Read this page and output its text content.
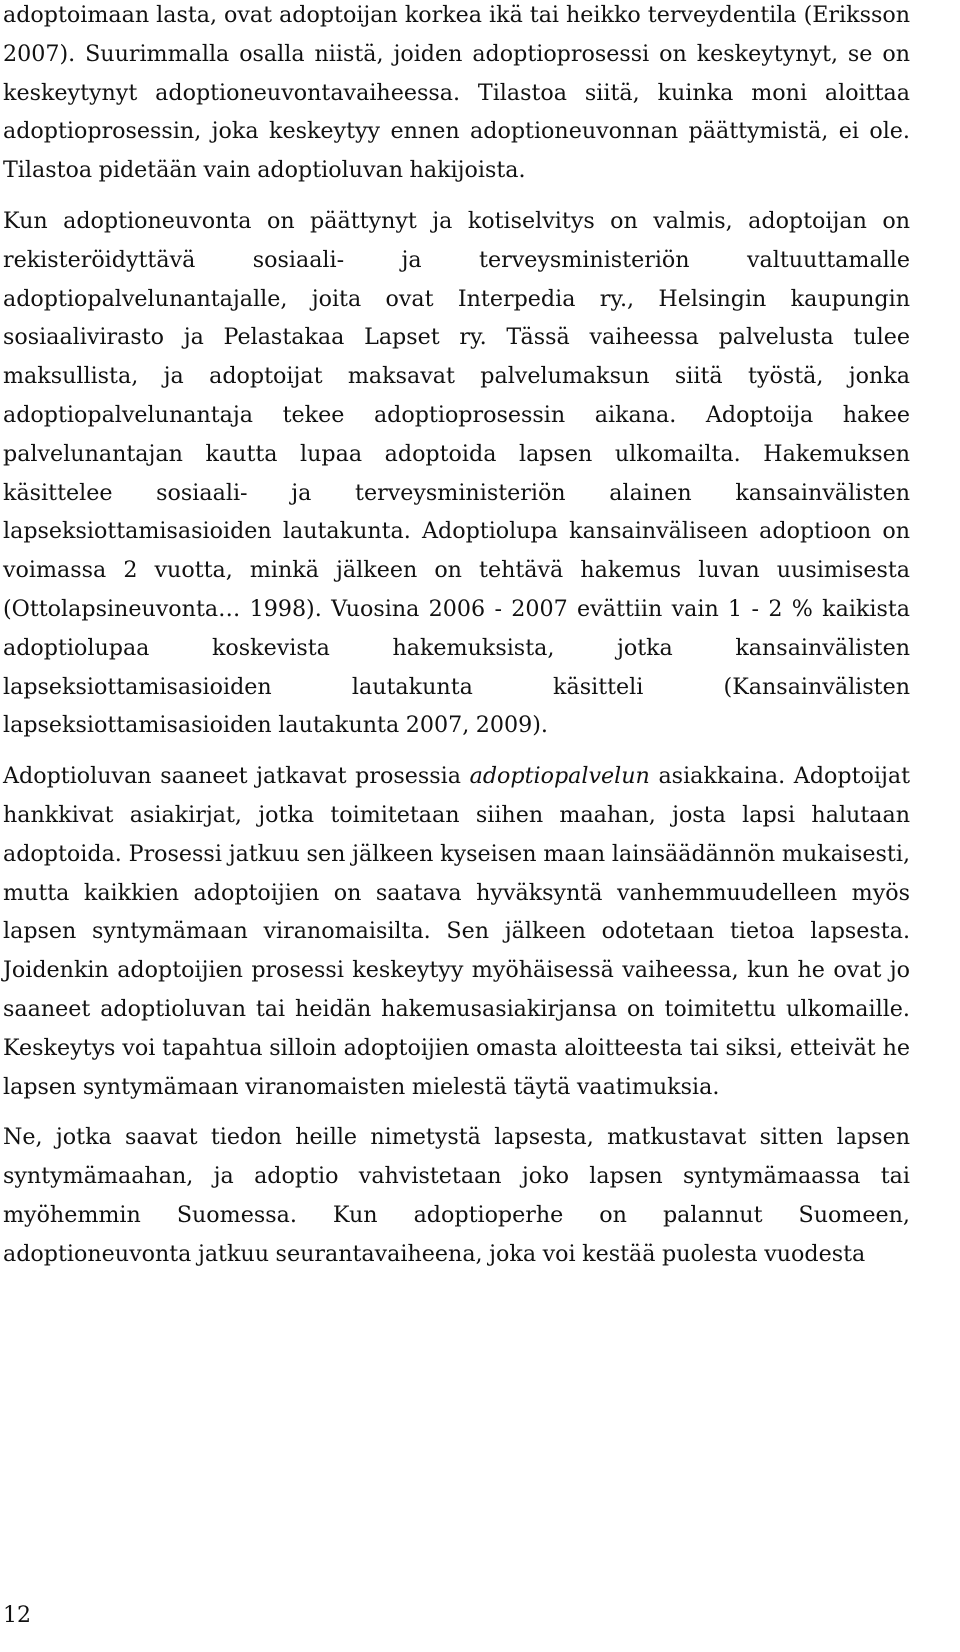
adoptoimaan lasta, ovat adoptoijan korkea ikä tai heikko terveydentila (Eriksson 2007). Suurimmalla osalla niistä, joiden adoptioprosessi on keskeytynyt, se on keskeytynyt adoptioneuvontavaiheessa. Tilastoa siitä, kuinka moni aloittaa adoptioprosessin, joka keskeytyy ennen adoptioneuvonnan päättymistä, ei ole. Tilastoa pidetään vain adoptioluvan hakijoista.

Kun adoptioneuvonta on päättynyt ja kotiselvitys on valmis, adoptoijan on rekisteröidyttävä sosiaali- ja terveysministeriön valtuuttamalle adoptiopalvelunantajalle, joita ovat Interpedia ry., Helsingin kaupungin sosiaalivirasto ja Pelastakaa Lapset ry. Tässä vaiheessa palvelusta tulee maksullista, ja adoptoijat maksavat palvelumaksun siitä työstä, jonka adoptiopalvelunantaja tekee adoptioprosessin aikana. Adoptoija hakee palvelunantajan kautta lupaa adoptoida lapsen ulkomailta. Hakemuksen käsittelee sosiaali- ja terveysministeriön alainen kansainvälisten lapseksiottamisasioiden lautakunta. Adoptiolupa kansainväliseen adoptioon on voimassa 2 vuotta, minkä jälkeen on tehtävä hakemus luvan uusimisesta (Ottolapsineuvonta… 1998). Vuosina 2006 - 2007 evättiin vain 1 - 2 % kaikista adoptiolupaa koskevista hakemuksista, jotka kansainvälisten lapseksiottamisasioiden lautakunta käsitteli (Kansainvälisten lapseksiottamisasioiden lautakunta 2007, 2009).

Adoptioluvan saaneet jatkavat prosessia adoptiopalvelun asiakkaina. Adoptoijat hankkivat asiakirjat, jotka toimitetaan siihen maahan, josta lapsi halutaan adoptoida. Prosessi jatkuu sen jälkeen kyseisen maan lainsäädännön mukaisesti, mutta kaikkien adoptoijien on saatava hyväksyntä vanhemmuudelleen myös lapsen syntymämaan viranomaisilta. Sen jälkeen odotetaan tietoa lapsesta. Joidenkin adoptoijien prosessi keskeytyy myöhäisessä vaiheessa, kun he ovat jo saaneet adoptioluvan tai heidän hakemusasiakirjansa on toimitettu ulkomaille. Keskeytys voi tapahtua silloin adoptoijien omasta aloitteesta tai siksi, etteivät he lapsen syntymämaan viranomaisten mielestä täytä vaatimuksia.

Ne, jotka saavat tiedon heille nimetystä lapsesta, matkustavat sitten lapsen syntymämaahan, ja adoptio vahvistetaan joko lapsen syntymämaassa tai myöhemmin Suomessa. Kun adoptioperhe on palannut Suomeen, adoptioneuvonta jatkuu seurantavaiheena, joka voi kestää puolesta vuodesta

12
